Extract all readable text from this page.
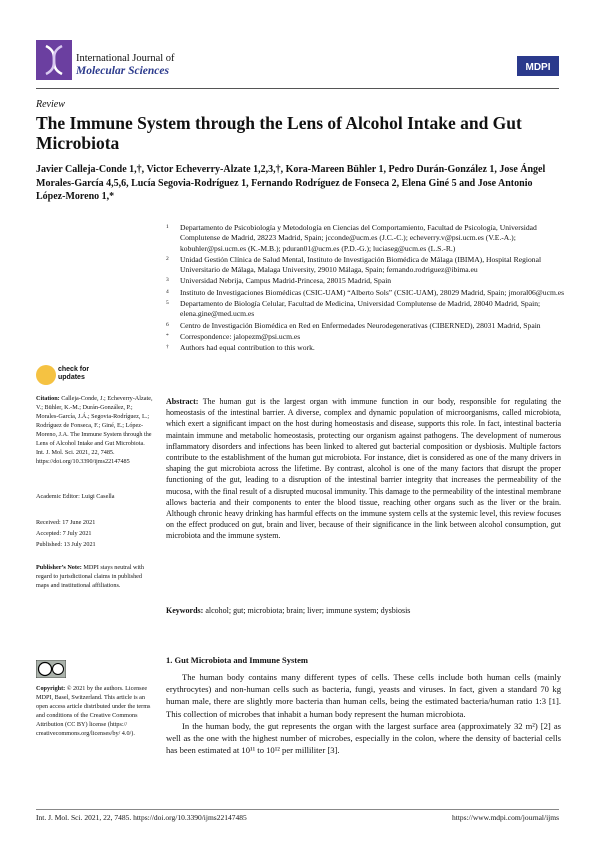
International Journal of
Molecular Sciences	MDPI
Review
The Immune System through the Lens of Alcohol Intake and Gut Microbiota
Javier Calleja-Conde 1,†, Victor Echeverry-Alzate 1,2,3,†, Kora-Mareen Bühler 1, Pedro Durán-González 1, Jose Ángel Morales-García 4,5,6, Lucía Segovia-Rodríguez 1, Fernando Rodríguez de Fonseca 2, Elena Giné 5 and Jose Antonio López-Moreno 1,*
1 Departamento de Psicobiología y Metodología en Ciencias del Comportamiento, Facultad de Psicología, Universidad Complutense de Madrid, 28223 Madrid, Spain; jcconde@ucm.es (J.C.-C.); echeverry.v@psi.ucm.es (V.E.-A.); kobuhler@psi.ucm.es (K.-M.B.); pduran01@ucm.es (P.D.-G.); luciaseg@ucm.es (L.S.-R.)
2 Unidad Gestión Clínica de Salud Mental, Instituto de Investigación Biomédica de Málaga (IBIMA), Hospital Regional Universitario de Málaga, Malaga University, 29010 Málaga, Spain; fernando.rodriguez@ibima.eu
3 Universidad Nebrija, Campus Madrid-Princesa, 28015 Madrid, Spain
4 Instituto de Investigaciones Biomédicas (CSIC-UAM) “Alberto Sols” (CSIC-UAM), 28029 Madrid, Spain; jmoral06@ucm.es
5 Departamento de Biología Celular, Facultad de Medicina, Universidad Complutense de Madrid, 28040 Madrid, Spain; elena.gine@med.ucm.es
6 Centro de Investigación Biomédica en Red en Enfermedades Neurodegenerativas (CIBERNED), 28031 Madrid, Spain
* Correspondence: jalopezm@psi.ucm.es
† Authors had equal contribution to this work.
check for
updates
Citation: Calleja-Conde, J.; Echeverry-Alzate, V.; Bühler, K.-M.; Durán-González, P.; Morales-García, J.Á.; Segovia-Rodríguez, L.; Rodríguez de Fonseca, F.; Giné, E.; López-Moreno, J.A. The Immune System through the Lens of Alcohol Intake and Gut Microbiota. Int. J. Mol. Sci. 2021, 22, 7485. https://doi.org/10.3390/ijms22147485
Academic Editor: Luigi Casella
Received: 17 June 2021
Accepted: 7 July 2021
Published: 13 July 2021
Publisher’s Note: MDPI stays neutral with regard to jurisdictional claims in published maps and institutional affiliations.
Copyright: © 2021 by the authors. Licensee MDPI, Basel, Switzerland. This article is an open access article distributed under the terms and conditions of the Creative Commons Attribution (CC BY) license (https:// creativecommons.org/licenses/by/ 4.0/).
Abstract: The human gut is the largest organ with immune function in our body, responsible for regulating the homeostasis of the intestinal barrier. A diverse, complex and dynamic population of microorganisms, called microbiota, which exert a significant impact on the host during homeostasis and disease, supports this role. In fact, intestinal bacteria maintain immune and metabolic homeostasis, protecting our organism against pathogens. The development of numerous inflammatory disorders and infections has been linked to altered gut bacterial composition or dysbiosis. Multiple factors contribute to the establishment of the human gut microbiota. For instance, diet is considered as one of the many drivers in shaping the gut microbiota across the lifetime. By contrast, alcohol is one of the many factors that disrupt the proper functioning of the gut, leading to a disruption of the intestinal barrier integrity that increases the permeability of the mucosa, with the final result of a disrupted mucosal immunity. This damage to the permeability of the intestinal membrane allows bacteria and their components to enter the blood tissue, reaching other organs such as the liver or the brain. Although chronic heavy drinking has harmful effects on the immune system cells at the systemic level, this review focuses on the effect produced on gut, brain and liver, because of their significance in the link between alcohol consumption, gut microbiota and the immune system.
Keywords: alcohol; gut; microbiota; brain; liver; immune system; dysbiosis
1. Gut Microbiota and Immune System

The human body contains many different types of cells. These cells include both human cells (mainly erythrocytes) and non-human cells such as bacteria, fungi, yeasts and viruses. In fact, given a standard 70 kg human male, there are slightly more bacteria than human cells, being the estimated bacteria/human ratio 1:3 [1]. This collection of microbes that inhabit a human body represent the human microbiota.

In the human body, the gut represents the organ with the largest surface area (approximately 32 m²) [2] as well as the one with the highest number of microbes, especially in the colon, where the density of bacterial cells has been estimated at 10¹¹ to 10¹² per milliliter [3].

Int. J. Mol. Sci. 2021, 22, 7485. https://doi.org/10.3390/ijms22147485	https://www.mdpi.com/journal/ijms
